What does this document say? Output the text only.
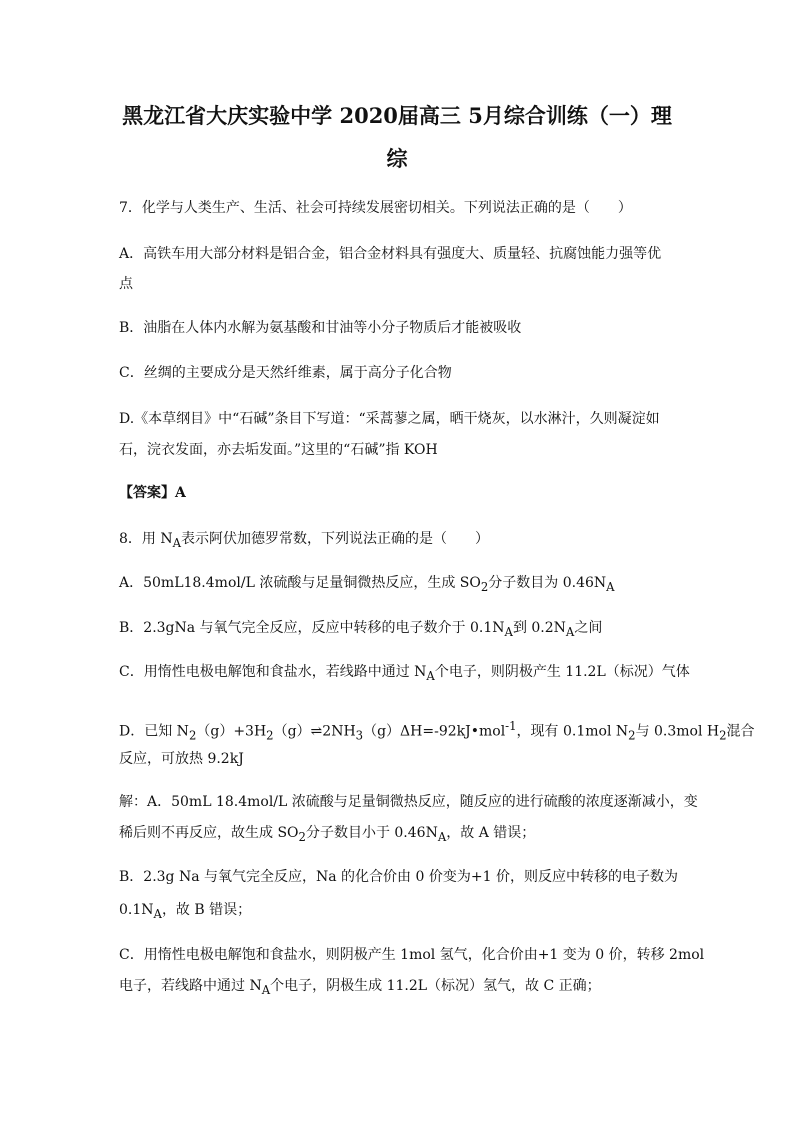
黑龙江省大庆实验中学 2020届高三 5月综合训练（一）理
综
7．化学与人类生产、生活、社会可持续发展密切相关。下列说法正确的是（　　）
A．高铁车用大部分材料是铝合金，铝合金材料具有强度大、质量轻、抗腐蚀能力强等优
点
B．油脂在人体内水解为氨基酸和甘油等小分子物质后才能被吸收
C．丝绸的主要成分是天然纤维素，属于高分子化合物
D.《本草纲目》中“石碱”条目下写道：“采蒿蓼之属，晒干烧灰，以水淋汁，久则凝淀如
石，浣衣发面，亦去垢发面。”这里的“石碱”指 KOH
【答案】A
8．用 $N_A$表示阿伏加德罗常数，下列说法正确的是（　　）
A．50mL18.4mol/L 浓硫酸与足量铜微热反应，生成 $SO_2$分子数目为 $0.46N_A$
B．2.3gNa 与氧气完全反应，反应中转移的电子数介于 $0.1N_A$到 $0.2N_A$之间
C．用惰性电极电解饱和食盐水，若线路中通过 $N_A$个电子，则阴极产生 11.2L（标况）气体
D．已知 $N_2(g)+3H_2(g)\rightleftharpoons 2NH_3(g)\Delta H=-92kJ•mol^{-1}$，现有 0.1mol $N_2$与 0.3mol $H_2$混合
反应，可放热 9.2kJ
解：A．50mL 18.4mol/L 浓硫酸与足量铜微热反应，随反应的进行硫酸的浓度逐渐减小，变
稀后则不再反应，故生成 $SO_2$分子数目小于 $0.46N_A$，故 A 错误；
B．2.3g Na 与氧气完全反应，Na 的化合价由 0 价变为+1 价，则反应中转移的电子数为
$0.1N_A$，故 B 错误；
C．用惰性电极电解饱和食盐水，则阴极产生 1mol 氢气，化合价由+1 变为 0 价，转移 2mol
电子，若线路中通过 $N_A$个电子，阴极生成 11.2L（标况）氢气，故 C 正确；
